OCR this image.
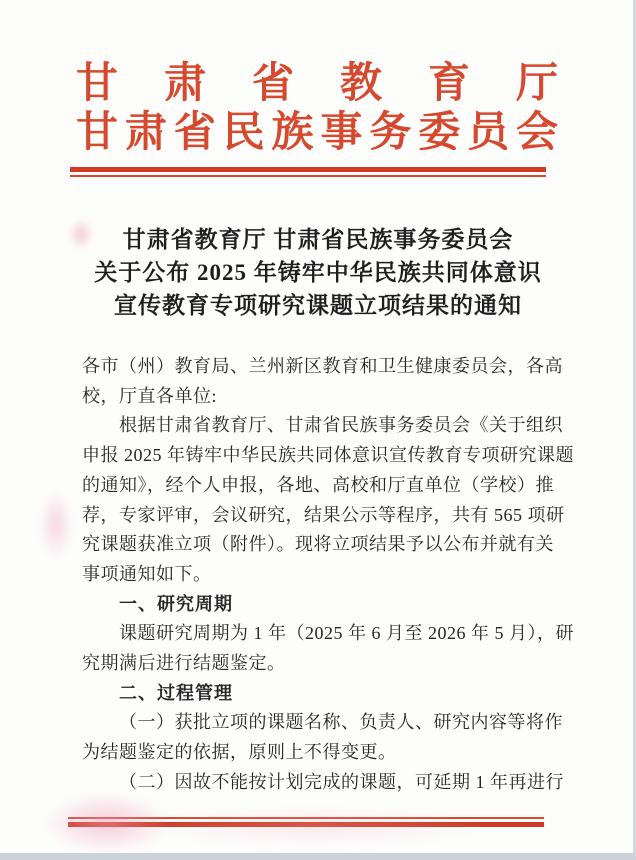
甘肃省教育厅
甘肃省民族事务委员会
甘肃省教育厅 甘肃省民族事务委员会
关于公布 2025 年铸牢中华民族共同体意识
宣传教育专项研究课题立项结果的通知
各市（州）教育局、兰州新区教育和卫生健康委员会，各高
校，厅直各单位:
根据甘肃省教育厅、甘肃省民族事务委员会《关于组织
申报 2025 年铸牢中华民族共同体意识宣传教育专项研究课题
的通知》，经个人申报，各地、高校和厅直单位（学校）推
荐，专家评审，会议研究，结果公示等程序，共有 565 项研
究课题获准立项（附件）。现将立项结果予以公布并就有关
事项通知如下。
一、研究周期
课题研究周期为 1 年（2025 年 6 月至 2026 年 5 月），研
究期满后进行结题鉴定。
二、过程管理
（一）获批立项的课题名称、负责人、研究内容等将作
为结题鉴定的依据，原则上不得变更。
（二）因故不能按计划完成的课题，可延期 1 年再进行
